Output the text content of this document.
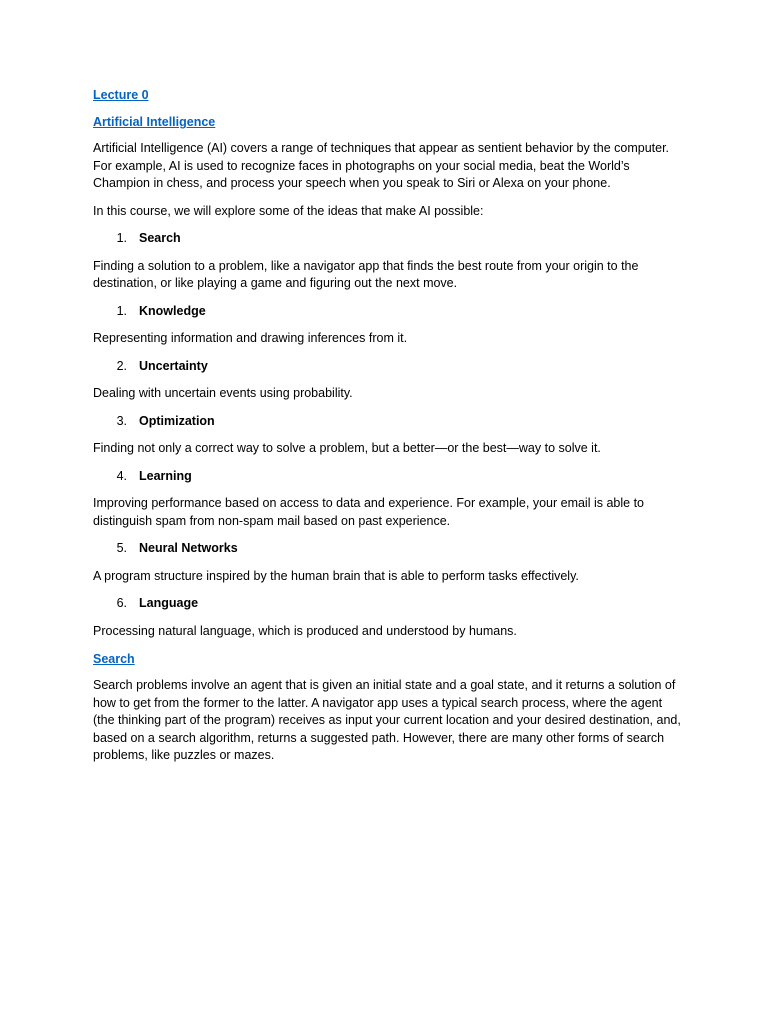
Lecture 0
Artificial Intelligence

Artificial Intelligence (AI) covers a range of techniques that appear as sentient behavior by the computer. For example, AI is used to recognize faces in photographs on your social media, beat the World’s Champion in chess, and process your speech when you speak to Siri or Alexa on your phone.

In this course, we will explore some of the ideas that make AI possible:

1. Search

Finding a solution to a problem, like a navigator app that finds the best route from your origin to the destination, or like playing a game and figuring out the next move.

1. Knowledge

Representing information and drawing inferences from it.

2. Uncertainty

Dealing with uncertain events using probability.

3. Optimization

Finding not only a correct way to solve a problem, but a better—or the best—way to solve it.

4. Learning

Improving performance based on access to data and experience. For example, your email is able to distinguish spam from non-spam mail based on past experience.

5. Neural Networks

A program structure inspired by the human brain that is able to perform tasks effectively.

6. Language

Processing natural language, which is produced and understood by humans.

Search

Search problems involve an agent that is given an initial state and a goal state, and it returns a solution of how to get from the former to the latter. A navigator app uses a typical search process, where the agent (the thinking part of the program) receives as input your current location and your desired destination, and, based on a search algorithm, returns a suggested path. However, there are many other forms of search problems, like puzzles or mazes.
